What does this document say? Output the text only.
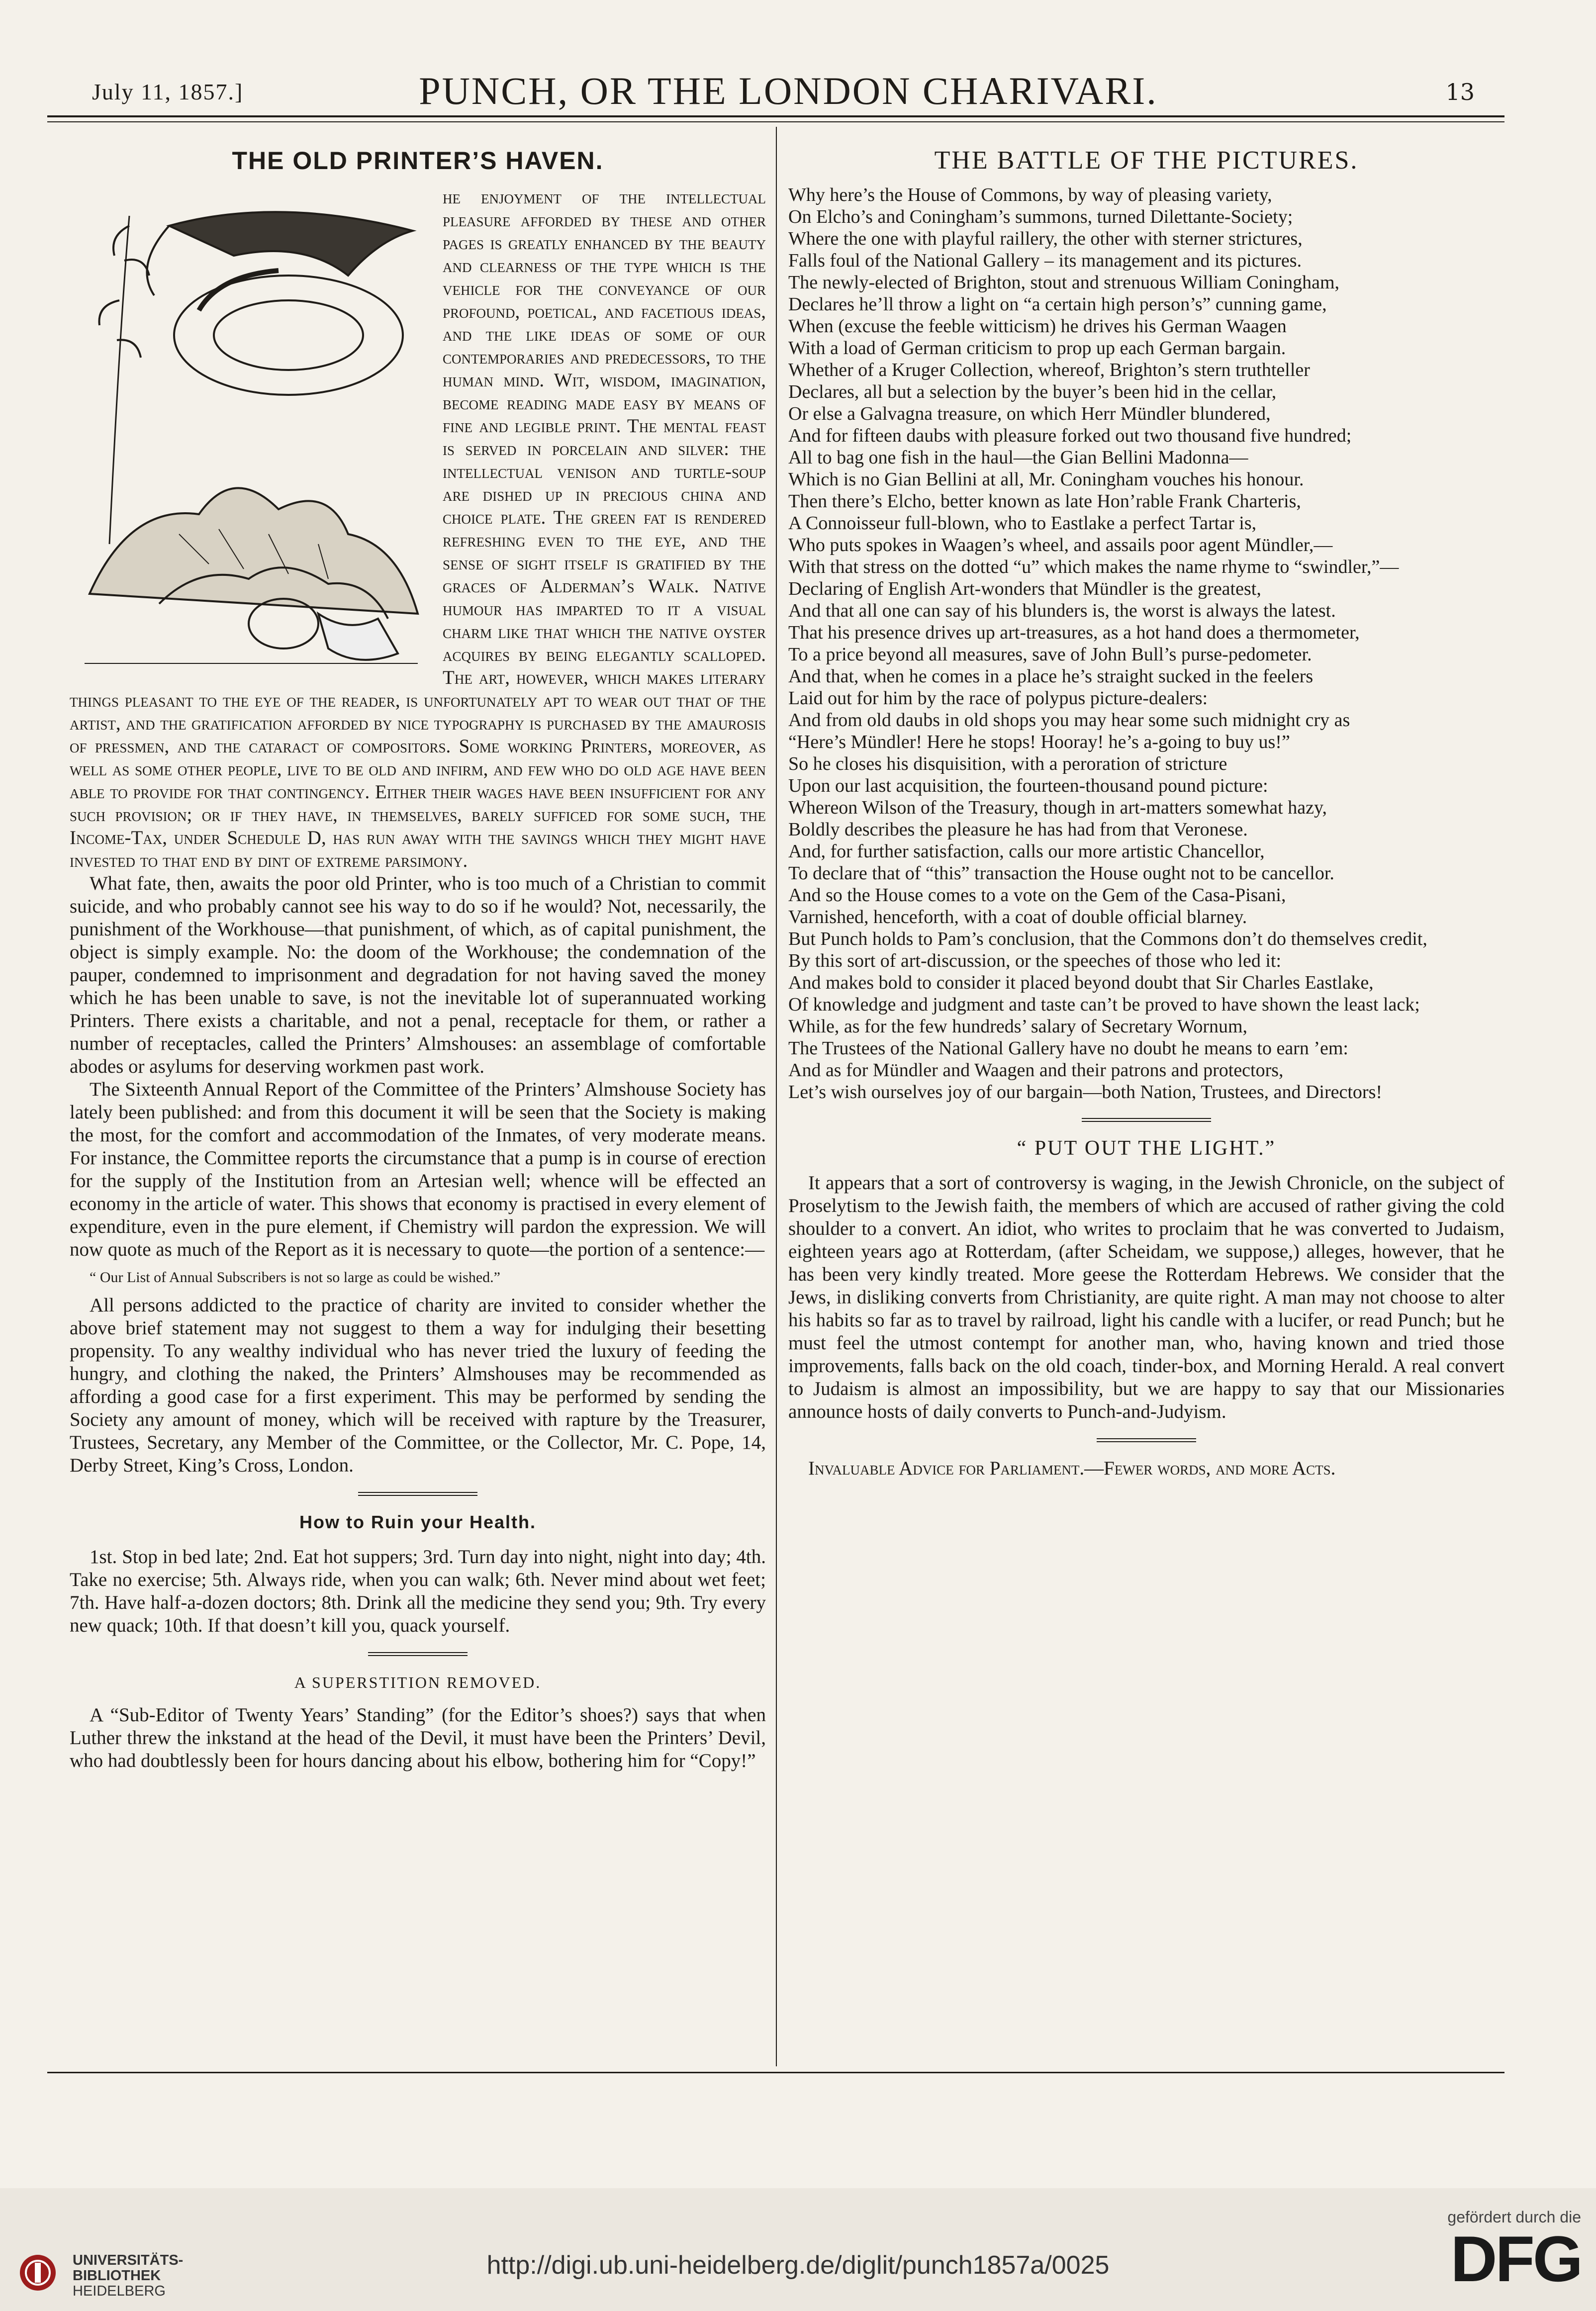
July 11, 1857.]	PUNCH, OR THE LONDON CHARIVARI.	13
THE OLD PRINTER’S HAVEN.

he enjoyment of the intellectual pleasure afforded by these and other pages is greatly enhanced by the beauty and clearness of the type which is the vehicle for the conveyance of our profound, poetical, and facetious ideas, and the like ideas of some of our contemporaries and predecessors, to the human mind. Wit, wisdom, imagination, become reading made easy by means of fine and legible print. The mental feast is served in porcelain and silver: the intellectual venison and turtle-soup are dished up in precious china and choice plate. The green fat is rendered refreshing even to the eye, and the sense of sight itself is gratified by the graces of Alderman’s Walk. Native humour has imparted to it a visual charm like that which the native oyster acquires by being elegantly scalloped. The art, however, which makes literary things pleasant to the eye of the reader, is unfortunately apt to wear out that of the artist, and the gratification afforded by nice typography is purchased by the amaurosis of pressmen, and the cataract of compositors. Some working Printers, moreover, as well as some other people, live to be old and infirm, and few who do old age have been able to provide for that contingency. Either their wages have been insufficient for any such provision; or if they have, in themselves, barely sufficed for some such, the Income-Tax, under Schedule D, has run away with the savings which they might have invested to that end by dint of extreme parsimony.

What fate, then, awaits the poor old Printer, who is too much of a Christian to commit suicide, and who probably cannot see his way to do so if he would? Not, necessarily, the punishment of the Workhouse—that punishment, of which, as of capital punishment, the object is simply example. No: the doom of the Workhouse; the condemnation of the pauper, condemned to imprisonment and degradation for not having saved the money which he has been unable to save, is not the inevitable lot of superannuated working Printers. There exists a charitable, and not a penal, receptacle for them, or rather a number of receptacles, called the Printers’ Almshouses: an assemblage of comfortable abodes or asylums for deserving workmen past work.

The Sixteenth Annual Report of the Committee of the Printers’ Almshouse Society has lately been published: and from this document it will be seen that the Society is making the most, for the comfort and accommodation of the Inmates, of very moderate means. For instance, the Committee reports the circumstance that a pump is in course of erection for the supply of the Institution from an Artesian well; whence will be effected an economy in the article of water. This shows that economy is practised in every element of expenditure, even in the pure element, if Chemistry will pardon the expression. We will now quote as much of the Report as it is necessary to quote—the portion of a sentence:—

“ Our List of Annual Subscribers is not so large as could be wished.”

All persons addicted to the practice of charity are invited to consider whether the above brief statement may not suggest to them a way for indulging their besetting propensity. To any wealthy individual who has never tried the luxury of feeding the hungry, and clothing the naked, the Printers’ Almshouses may be recommended as affording a good case for a first experiment. This may be performed by sending the Society any amount of money, which will be received with rapture by the Treasurer, Trustees, Secretary, any Member of the Committee, or the Collector, Mr. C. Pope, 14, Derby Street, King’s Cross, London.

How to Ruin your Health.

1st. Stop in bed late; 2nd. Eat hot suppers; 3rd. Turn day into night, night into day; 4th. Take no exercise; 5th. Always ride, when you can walk; 6th. Never mind about wet feet; 7th. Have half-a-dozen doctors; 8th. Drink all the medicine they send you; 9th. Try every new quack; 10th. If that doesn’t kill you, quack yourself.

A SUPERSTITION REMOVED.

A “Sub-Editor of Twenty Years’ Standing” (for the Editor’s shoes?) says that when Luther threw the inkstand at the head of the Devil, it must have been the Printers’ Devil, who had doubtlessly been for hours dancing about his elbow, bothering him for “Copy!”

THE BATTLE OF THE PICTURES.
Why here’s the House of Commons, by way of pleasing variety,
On Elcho’s and Coningham’s summons, turned Dilettante-Society;
Where the one with playful raillery, the other with sterner strictures,
Falls foul of the National Gallery – its management and its pictures.
The newly-elected of Brighton, stout and strenuous William Coningham,
Declares he’ll throw a light on “a certain high person’s” cunning game,
When (excuse the feeble witticism) he drives his German Waagen
With a load of German criticism to prop up each German bargain.
Whether of a Kruger Collection, whereof, Brighton’s stern truthteller
Declares, all but a selection by the buyer’s been hid in the cellar,
Or else a Galvagna treasure, on which Herr Mündler blundered,
And for fifteen daubs with pleasure forked out two thousand five hundred;
All to bag one fish in the haul—the Gian Bellini Madonna—
Which is no Gian Bellini at all, Mr. Coningham vouches his honour.
Then there’s Elcho, better known as late Hon’rable Frank Charteris,
A Connoisseur full-blown, who to Eastlake a perfect Tartar is,
Who puts spokes in Waagen’s wheel, and assails poor agent Mündler,—
With that stress on the dotted “u” which makes the name rhyme to “swindler,”—
Declaring of English Art-wonders that Mündler is the greatest,
And that all one can say of his blunders is, the worst is always the latest.
That his presence drives up art-treasures, as a hot hand does a thermometer,
To a price beyond all measures, save of John Bull’s purse-pedometer.
And that, when he comes in a place he’s straight sucked in the feelers
Laid out for him by the race of polypus picture-dealers:
And from old daubs in old shops you may hear some such midnight cry as
“Here’s Mündler! Here he stops! Hooray! he’s a-going to buy us!”
So he closes his disquisition, with a peroration of stricture
Upon our last acquisition, the fourteen-thousand pound picture:
Whereon Wilson of the Treasury, though in art-matters somewhat hazy,
Boldly describes the pleasure he has had from that Veronese.
And, for further satisfaction, calls our more artistic Chancellor,
To declare that of “this” transaction the House ought not to be cancellor.
And so the House comes to a vote on the Gem of the Casa-Pisani,
Varnished, henceforth, with a coat of double official blarney.
But Punch holds to Pam’s conclusion, that the Commons don’t do themselves credit,
By this sort of art-discussion, or the speeches of those who led it:
And makes bold to consider it placed beyond doubt that Sir Charles Eastlake,
Of knowledge and judgment and taste can’t be proved to have shown the least lack;
While, as for the few hundreds’ salary of Secretary Wornum,
The Trustees of the National Gallery have no doubt he means to earn ’em:
And as for Mündler and Waagen and their patrons and protectors,
Let’s wish ourselves joy of our bargain—both Nation, Trustees, and Directors!
“ PUT OUT THE LIGHT.”

It appears that a sort of controversy is waging, in the Jewish Chronicle, on the subject of Proselytism to the Jewish faith, the members of which are accused of rather giving the cold shoulder to a convert. An idiot, who writes to proclaim that he was converted to Judaism, eighteen years ago at Rotterdam, (after Scheidam, we suppose,) alleges, however, that he has been very kindly treated. More geese the Rotterdam Hebrews. We consider that the Jews, in disliking converts from Christianity, are quite right. A man may not choose to alter his habits so far as to travel by railroad, light his candle with a lucifer, or read Punch; but he must feel the utmost contempt for another man, who, having known and tried those improvements, falls back on the old coach, tinder-box, and Morning Herald. A real convert to Judaism is almost an impossibility, but we are happy to say that our Missionaries announce hosts of daily converts to Punch-and-Judyism.

Invaluable Advice for Parliament.—Fewer words, and more Acts.

UNIVERSITÄTS-
BIBLIOTHEK
HEIDELBERG
http://digi.ub.uni-heidelberg.de/diglit/punch1857a/0025
gefördert durch die
DFG
